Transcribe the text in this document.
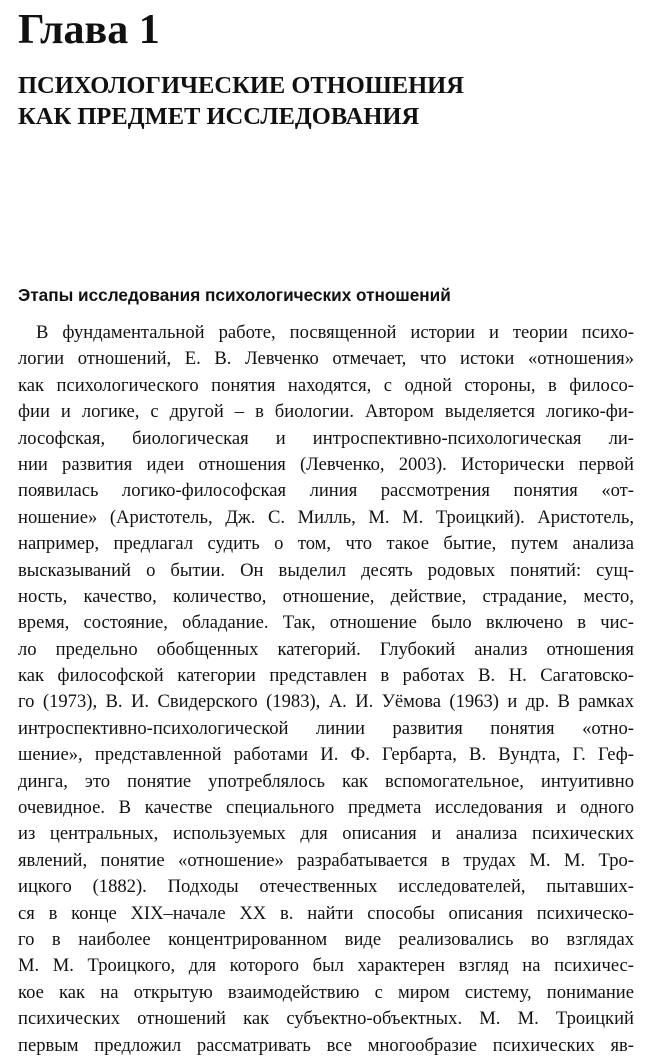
Глава 1
ПСИХОЛОГИЧЕСКИЕ ОТНОШЕНИЯ
КАК ПРЕДМЕТ ИССЛЕДОВАНИЯ
Этапы исследования психологических отношений

В фундаментальной работе, посвященной истории и теории психо-
логии отношений, Е. В. Левченко отмечает, что истоки «отношения»
как психологического понятия находятся, с одной стороны, в филосо-
фии и логике, с другой – в биологии. Автором выделяется логико-фи-
лософская, биологическая и интроспективно-психологическая ли-
нии развития идеи отношения (Левченко, 2003). Исторически первой
появилась логико-философская линия рассмотрения понятия «от-
ношение» (Аристотель, Дж. С. Милль, М. М. Троицкий). Аристотель,
например, предлагал судить о том, что такое бытие, путем анализа
высказываний о бытии. Он выделил десять родовых понятий: сущ-
ность, качество, количество, отношение, действие, страдание, место,
время, состояние, обладание. Так, отношение было включено в чис-
ло предельно обобщенных категорий. Глубокий анализ отношения
как философской категории представлен в работах В. Н. Сагатовско-
го (1973), В. И. Свидерского (1983), А. И. Уёмова (1963) и др. В рамках
интроспективно-психологической линии развития понятия «отно-
шение», представленной работами И. Ф. Гербарта, В. Вундта, Г. Геф-
динга, это понятие употреблялось как вспомогательное, интуитивно
очевидное. В качестве специального предмета исследования и одного
из центральных, используемых для описания и анализа психических
явлений, понятие «отношение» разрабатывается в трудах М. М. Тро-
ицкого (1882). Подходы отечественных исследователей, пытавших-
ся в конце XIX–начале XX в. найти способы описания психическо-
го в наиболее концентрированном виде реализовались во взглядах
М. М. Троицкого, для которого был характерен взгляд на психичес-
кое как на открытую взаимодействию с миром систему, понимание
психических отношений как субъектно-объектных. М. М. Троицкий
первым предложил рассматривать все многообразие психических яв-
